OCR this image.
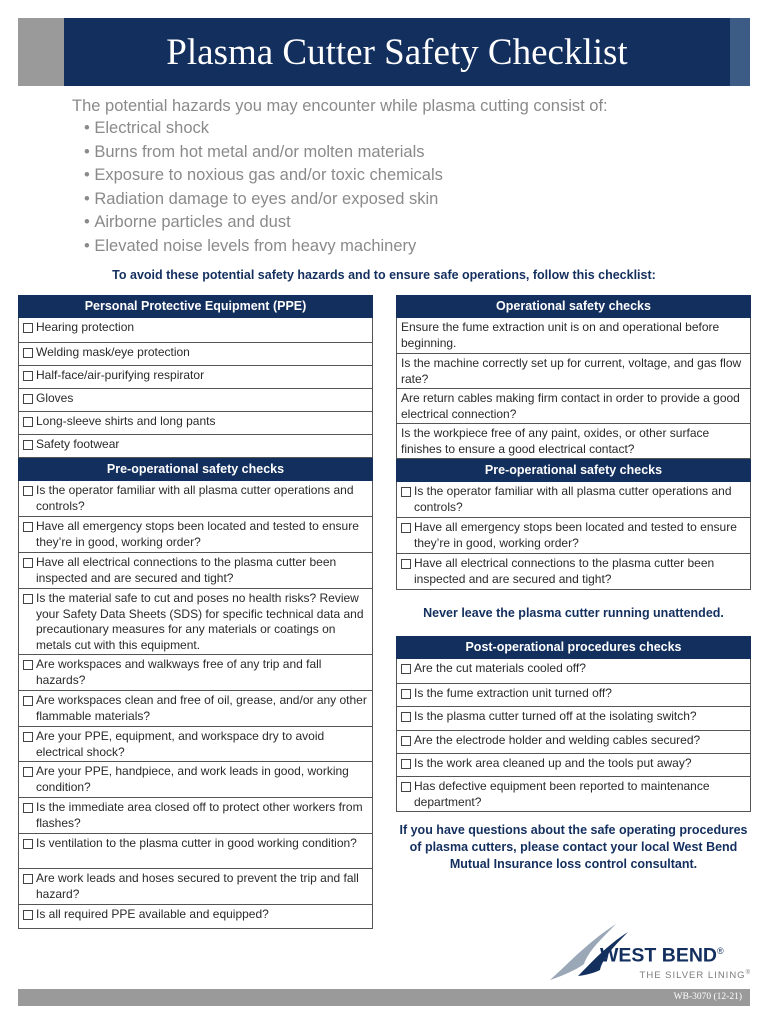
Plasma Cutter Safety Checklist
The potential hazards you may encounter while plasma cutting consist of:
• Electrical shock
• Burns from hot metal and/or molten materials
• Exposure to noxious gas and/or toxic chemicals
• Radiation damage to eyes and/or exposed skin
• Airborne particles and dust
• Elevated noise levels from heavy machinery
To avoid these potential safety hazards and to ensure safe operations, follow this checklist:
Personal Protective Equipment (PPE)
Hearing protection
Welding mask/eye protection
Half-face/air-purifying respirator
Gloves
Long-sleeve shirts and long pants
Safety footwear
Pre-operational safety checks
Is the operator familiar with all plasma cutter operations and controls?
Have all emergency stops been located and tested to ensure they’re in good, working order?
Have all electrical connections to the plasma cutter been inspected and are secured and tight?
Is the material safe to cut and poses no health risks? Review your Safety Data Sheets (SDS) for specific technical data and precautionary measures for any materials or coatings on metals cut with this equipment.
Are workspaces and walkways free of any trip and fall hazards?
Are workspaces clean and free of oil, grease, and/or any other flammable materials?
Are your PPE, equipment, and workspace dry to avoid electrical shock?
Are your PPE, handpiece, and work leads in good, working condition?
Is the immediate area closed off to protect other workers from flashes?
Is ventilation to the plasma cutter in good working condition?
Are work leads and hoses secured to prevent the trip and fall hazard?
Is all required PPE available and equipped?
Operational safety checks
Ensure the fume extraction unit is on and operational before beginning.
Is the machine correctly set up for current, voltage, and gas flow rate?
Are return cables making firm contact in order to provide a good electrical connection?
Is the workpiece free of any paint, oxides, or other surface finishes to ensure a good electrical contact?
Pre-operational safety checks
Is the operator familiar with all plasma cutter operations and controls?
Have all emergency stops been located and tested to ensure they’re in good, working order?
Have all electrical connections to the plasma cutter been inspected and are secured and tight?
Never leave the plasma cutter running unattended.
Post-operational procedures checks
Are the cut materials cooled off?
Is the fume extraction unit turned off?
Is the plasma cutter turned off at the isolating switch?
Are the electrode holder and welding cables secured?
Is the work area cleaned up and the tools put away?
Has defective equipment been reported to maintenance department?
If you have questions about the safe operating procedures of plasma cutters, please contact your local West Bend Mutual Insurance loss control consultant.
WEST BEND®
THE SILVER LINING®
WB-3070 (12-21)
